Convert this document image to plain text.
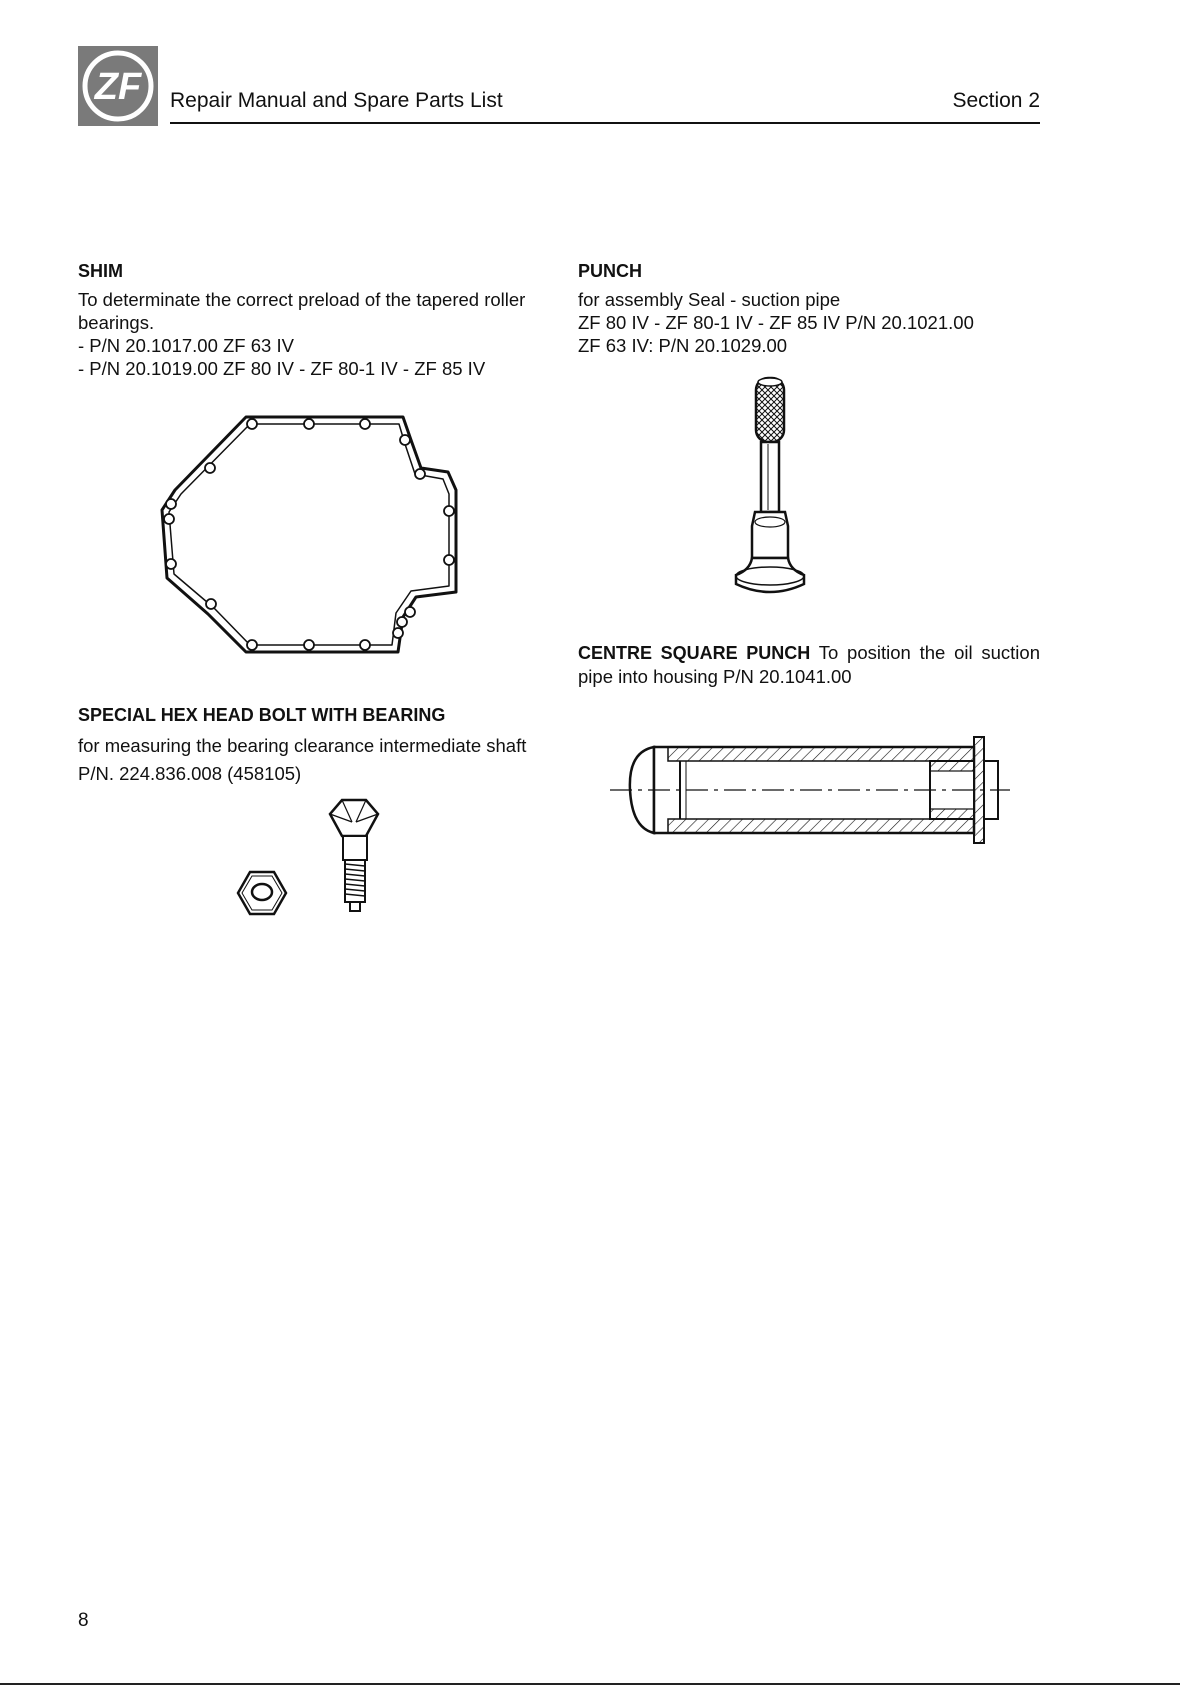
ZF Repair Manual and Spare Parts List	Section 2
SHIM
To determinate the correct preload of the tapered roller
bearings.
- P/N 20.1017.00 ZF 63 IV
- P/N 20.1019.00 ZF 80 IV - ZF 80-1 IV - ZF 85 IV
SPECIAL HEX HEAD BOLT WITH BEARING
for measuring the bearing clearance intermediate shaft
P/N. 224.836.008 (458105)
PUNCH
for assembly Seal - suction pipe
ZF 80 IV - ZF 80-1 IV - ZF 85 IV P/N 20.1021.00
ZF 63 IV: P/N 20.1029.00
CENTRE SQUARE PUNCH To position the oil suction pipe into housing P/N 20.1041.00
8
